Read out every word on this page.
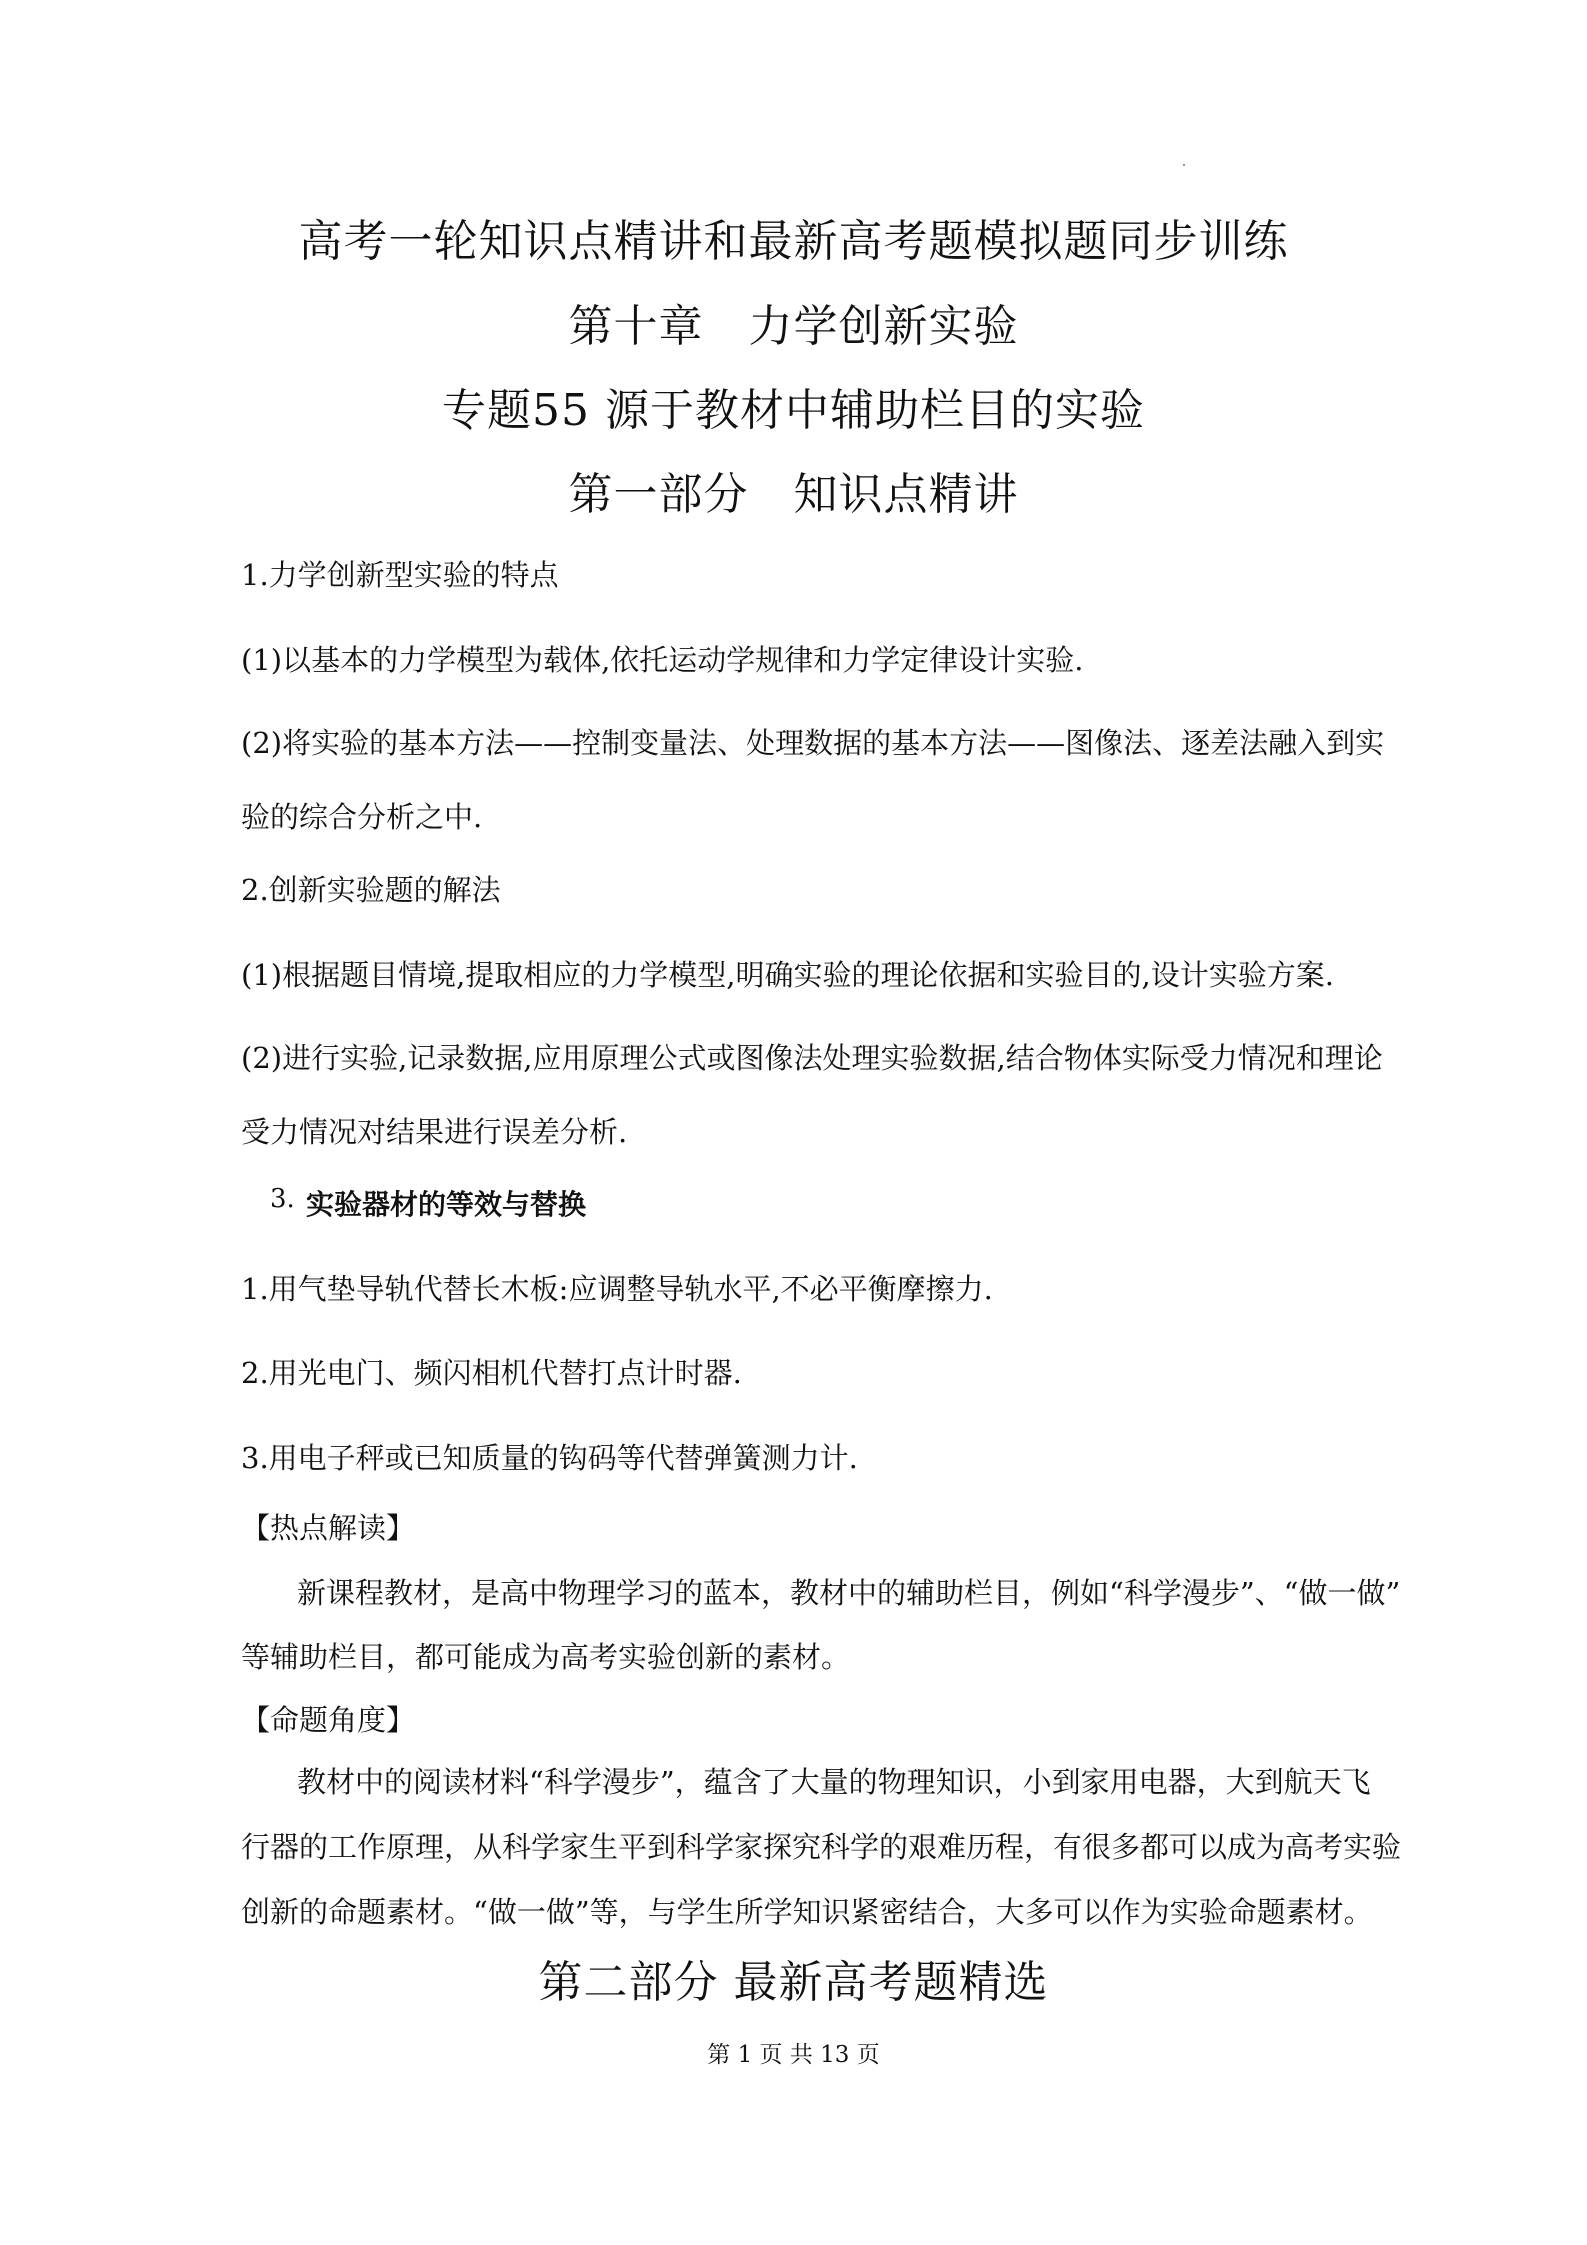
高考一轮知识点精讲和最新高考题模拟题同步训练
第十章　力学创新实验
专题55 源于教材中辅助栏目的实验
第一部分　知识点精讲
1.力学创新型实验的特点
(1)以基本的力学模型为载体,依托运动学规律和力学定律设计实验.
(2)将实验的基本方法——控制变量法、处理数据的基本方法——图像法、逐差法融入到实
验的综合分析之中.
2.创新实验题的解法
(1)根据题目情境,提取相应的力学模型,明确实验的理论依据和实验目的,设计实验方案.
(2)进行实验,记录数据,应用原理公式或图像法处理实验数据,结合物体实际受力情况和理论
受力情况对结果进行误差分析.
3. 实验器材的等效与替换
1.用气垫导轨代替长木板:应调整导轨水平,不必平衡摩擦力.
2.用光电门、频闪相机代替打点计时器.
3.用电子秤或已知质量的钩码等代替弹簧测力计.
【热点解读】
新课程教材，是高中物理学习的蓝本，教材中的辅助栏目，例如“科学漫步”、“做一做”
等辅助栏目，都可能成为高考实验创新的素材。
【命题角度】
教材中的阅读材料“科学漫步”，蕴含了大量的物理知识，小到家用电器，大到航天飞
行器的工作原理，从科学家生平到科学家探究科学的艰难历程，有很多都可以成为高考实验
创新的命题素材。“做一做”等，与学生所学知识紧密结合，大多可以作为实验命题素材。
第二部分 最新高考题精选
第 1 页 共 13 页
